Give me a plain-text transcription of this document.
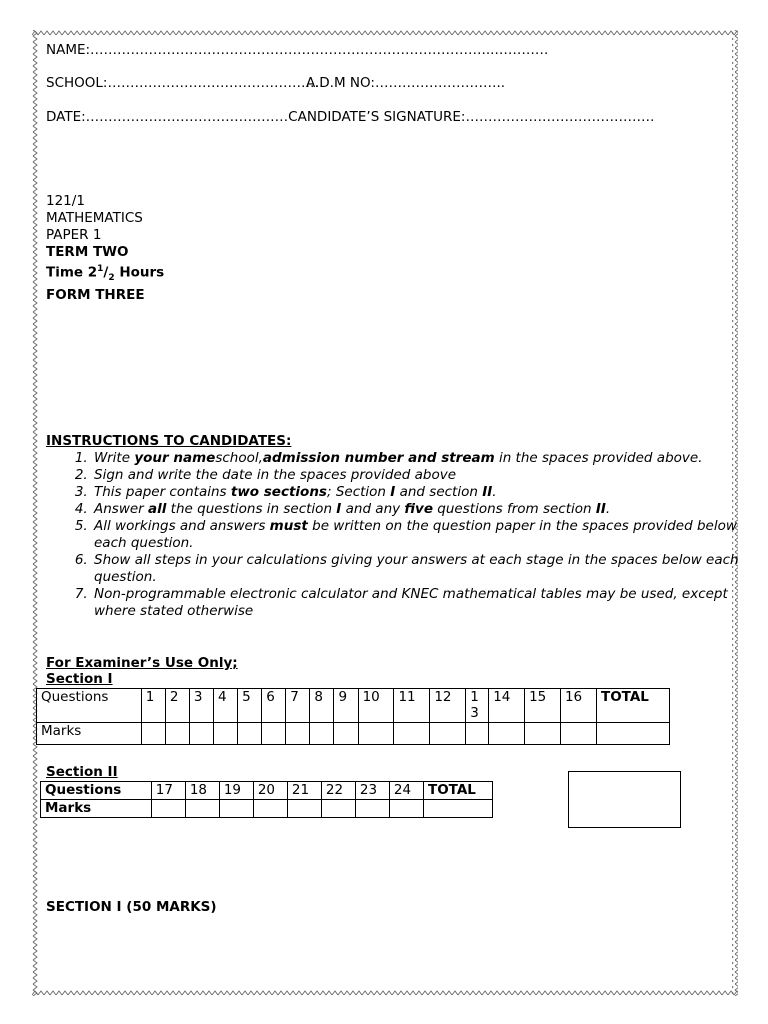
NAME:……………………………………………………………………………...…………
SCHOOL:…………………………………………
A.D.M NO:………………………..
DATE:………………………………………CANDIDATE’S SIGNATURE:……………………………………
121/1
MATHEMATICS
PAPER 1
TERM TWO
Time $2^1/_2$ Hours
FORM THREE
INSTRUCTIONS TO CANDIDATES:
1. Write your nameschool,admission number and stream in the spaces provided above.
2. Sign and write the date in the spaces provided above
3. This paper contains two sections; Section I and section II.
4. Answer all the questions in section I and any five questions from section II.
5. All workings and answers must be written on the question paper in the spaces provided below each question.
6. Show all steps in your calculations giving your answers at each stage in the spaces below each question.
7. Non-programmable electronic calculator and KNEC mathematical tables may be used, except where stated otherwise
For Examiner’s Use Only;
Section I
Questions	1	2	3	4	5	6	7	8	9	10	11	12	1 3	14	15	16	TOTAL
Marks																	
Section II
Questions	17	18	19	20	21	22	23	24	TOTAL
Marks									
SECTION I (50 MARKS)
